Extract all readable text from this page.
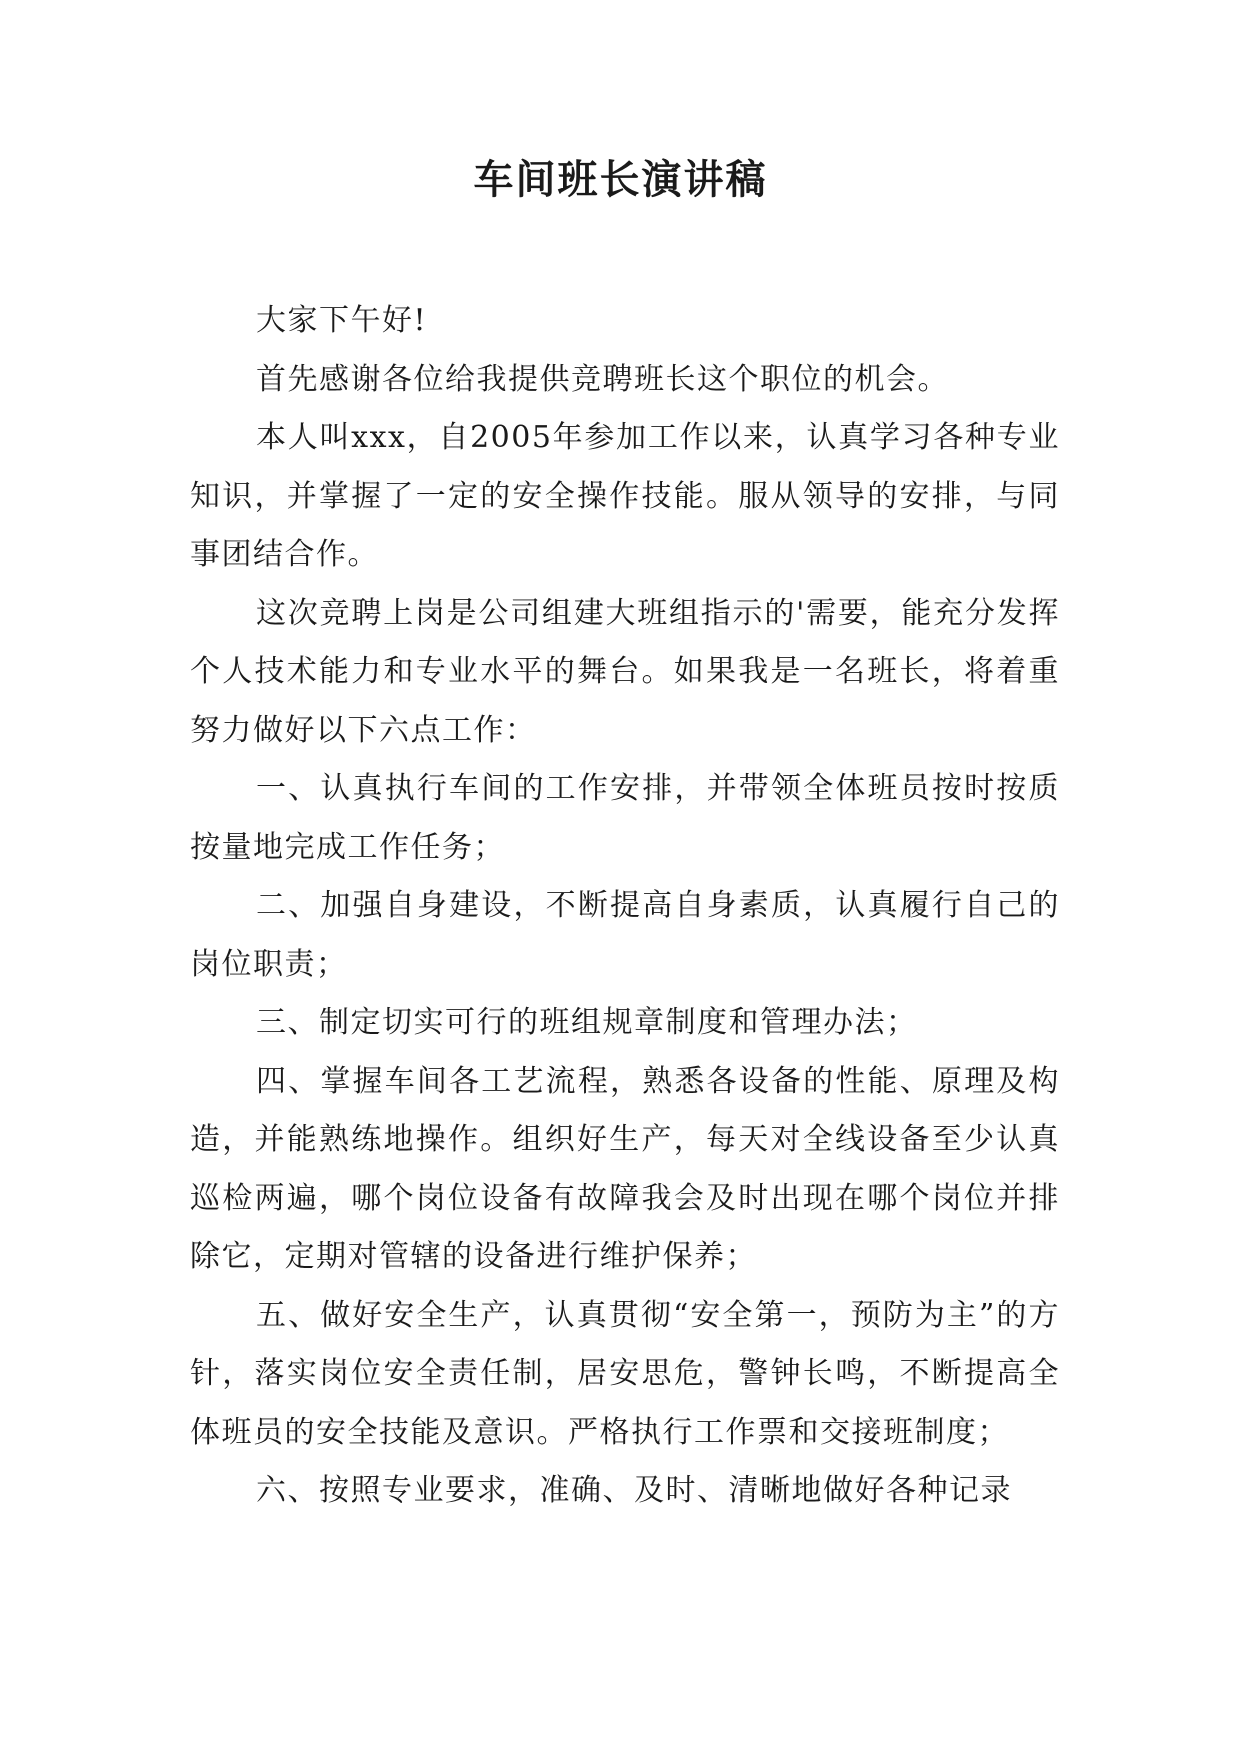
车间班长演讲稿

大家下午好!

首先感谢各位给我提供竞聘班长这个职位的机会。

本人叫xxx，自2005年参加工作以来，认真学习各种专业知识，并掌握了一定的安全操作技能。服从领导的安排，与同事团结合作。

这次竞聘上岗是公司组建大班组指示的'需要，能充分发挥个人技术能力和专业水平的舞台。如果我是一名班长，将着重努力做好以下六点工作：

一、认真执行车间的工作安排，并带领全体班员按时按质按量地完成工作任务；

二、加强自身建设，不断提高自身素质，认真履行自己的岗位职责；

三、制定切实可行的班组规章制度和管理办法；

四、掌握车间各工艺流程，熟悉各设备的性能、原理及构造，并能熟练地操作。组织好生产，每天对全线设备至少认真巡检两遍，哪个岗位设备有故障我会及时出现在哪个岗位并排除它，定期对管辖的设备进行维护保养；

五、做好安全生产，认真贯彻“安全第一，预防为主”的方针，落实岗位安全责任制，居安思危，警钟长鸣，不断提高全体班员的安全技能及意识。严格执行工作票和交接班制度；

六、按照专业要求，准确、及时、清晰地做好各种记录
